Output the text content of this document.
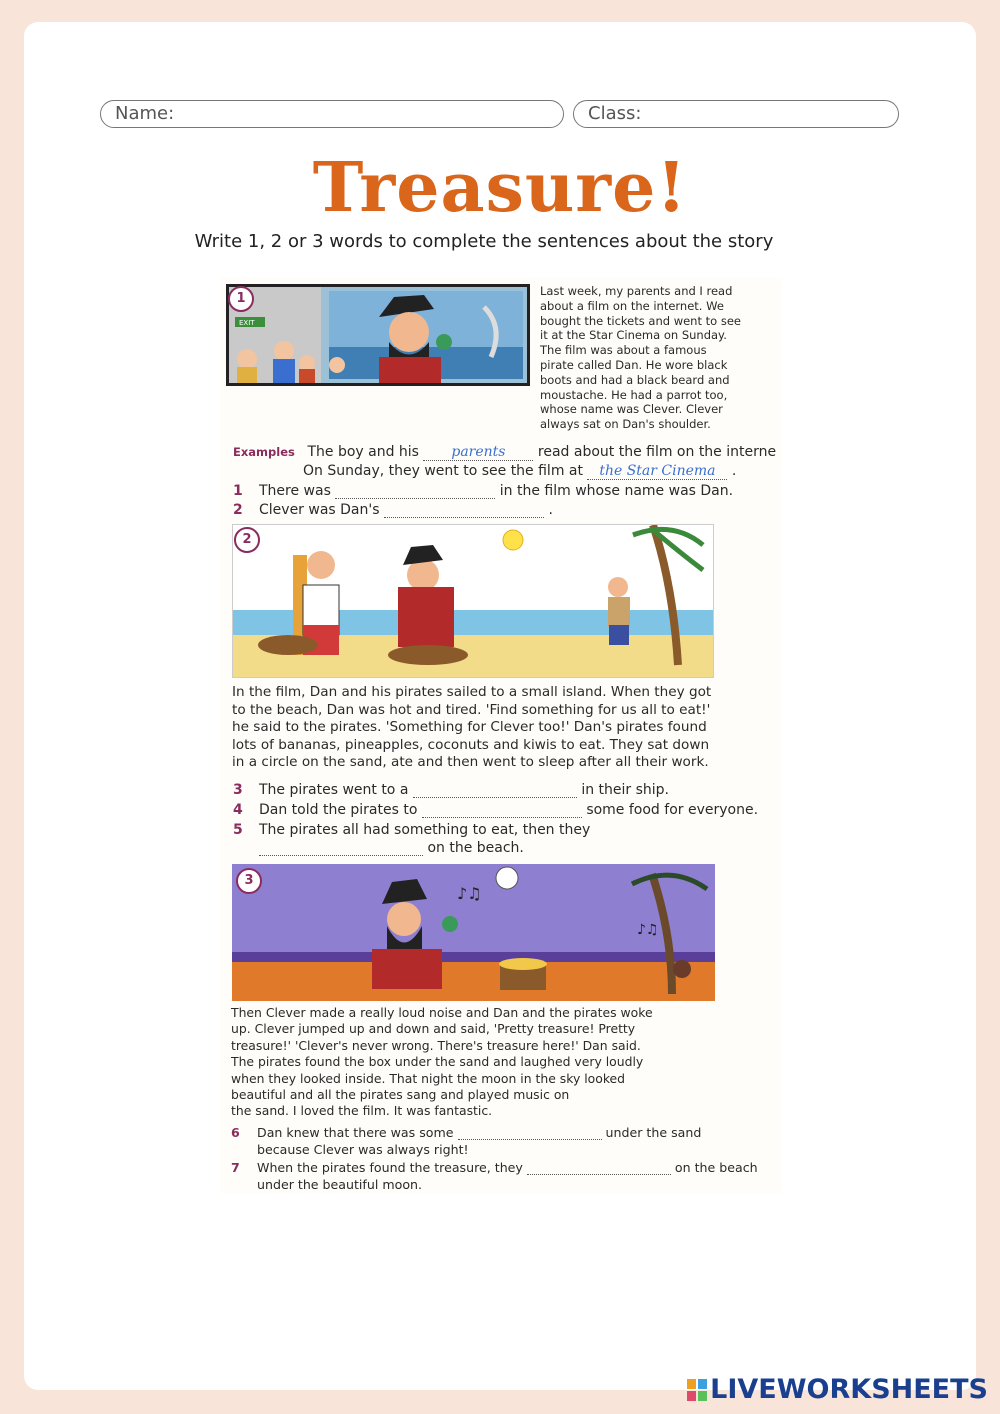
Name:	Class:
Treasure!
Write 1, 2 or 3 words to complete the sentences about the story
EXIT
Last week, my parents and I read
about a film on the internet. We
bought the tickets and went to see
it at the Star Cinema on Sunday.
The film was about a famous
pirate called Dan. He wore black
boots and had a black beard and
moustache. He had a parrot too,
whose name was Clever. Clever
always sat on Dan's shoulder.
1
Examples The boy and his parents read about the film on the interne
On Sunday, they went to see the film at the Star Cinema .
1 There was	in the film whose name was Dan.
2 Clever was Dan's	.
2
In the film, Dan and his pirates sailed to a small island. When they got
to the beach, Dan was hot and tired. 'Find something for us all to eat!'
he said to the pirates. 'Something for Clever too!' Dan's pirates found
lots of bananas, pineapples, coconuts and kiwis to eat. They sat down
in a circle on the sand, ate and then went to sleep after all their work.
3 The pirates went to a	in their ship.
4 Dan told the pirates to	some food for everyone.
5 The pirates all had something to eat, then they
on the beach.
♪♫
♪♫
3
Then Clever made a really loud noise and Dan and the pirates woke
up. Clever jumped up and down and said, 'Pretty treasure! Pretty
treasure!' 'Clever's never wrong. There's treasure here!' Dan said.
The pirates found the box under the sand and laughed very loudly
when they looked inside. That night the moon in the sky looked
beautiful and all the pirates sang and played music on
the sand. I loved the film. It was fantastic.
6 Dan knew that there was some	under the sand
because Clever was always right!
7 When the pirates found the treasure, they	on the beach
under the beautiful moon.
LIVEWORKSHEETS
